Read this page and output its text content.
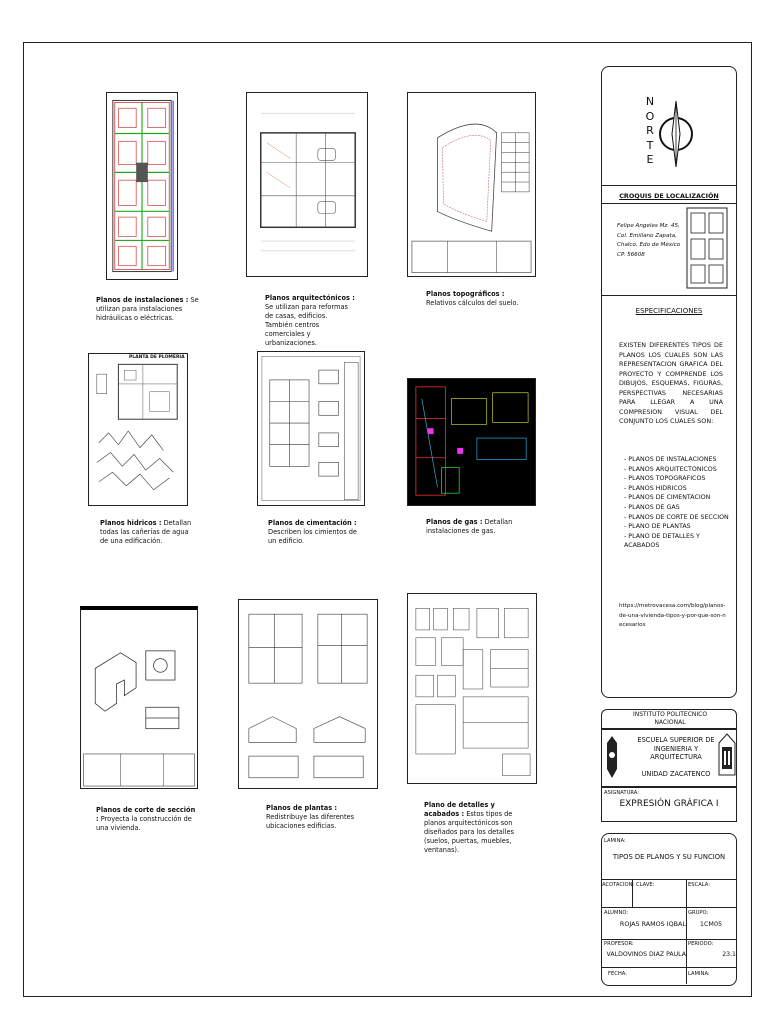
Planos de instalaciones : Se utilizan para instalaciones hidráulicas o eléctricas.
Planos arquitectónicos : Se utilizan para reformas de casas, edificios. También centros comerciales y urbanizaciones.
Planos topográficos : Relativos cálculos del suelo.
PLANTA DE PLOMERIA
Planos hidricos : Detallan todas las cañerías de agua de una edificación.
Planos de cimentación : Describen los cimientos de un edificio.
Planos de gas : Detallan instalaciones de gas.
Planos de corte de sección : Proyecta la construcción de una vivienda.
Planos de plantas : Redistribuye las diferentes ubicaciones edificias.
Plano de detalles y acabados : Estos tipos de planos arquitectónicos son diseñados para los detalles (suelos, puertas, muebles, ventanas).
N
O
R
T
E
CROQUIS DE LOCALIZACIÓN
Felipe Angeles Mz. 45,
Col. Emiliano Zapata,
Chalco, Edo de México
CP. 56608
ESPECIFICACIONES
EXISTEN DIFERENTES TIPOS DE PLANOS LOS CUALES SON LAS REPRESENTACION GRAFICA DEL PROYECTO Y COMPRENDE LOS DIBUJOS, ESQUEMAS, FIGURAS, PERSPECTIVAS NECESARIAS PARA LLEGAR A UNA COMPRESION VISUAL DEL CONJUNTO LOS CUALES SON:
- PLANOS DE INSTALACIONES
- PLANOS ARQUITECTONICOS
- PLANOS TOPOGRAFICOS
- PLANOS HIDRICOS
- PLANOS DE CIMENTACION
- PLANOS DE GAS
- PLANOS DE CORTE DE SECCION
- PLANO DE PLANTAS
- PLANO DE DETALLES Y ACABADOS
https://metrovacesa.com/blog/planos-de-una-vivienda-tipos-y-por-que-son-necesarios
INSTITUTO POLITECNICO NACIONAL
ESCUELA SUPERIOR DE INGENIERIA Y ARQUITECTURA
UNIDAD ZACATENCO
ASIGNATURA:
EXPRESIÓN GRÁFICA I
LAMINA:
TIPOS DE PLANOS Y SU FUNCION
ACOTACION: CLAVE:	ESCALA:
ALUMNO:
ROJAS RAMOS IQBAL
GRUPO:
1CM05
PROFESOR:
VALDOVINOS DIAZ PAULA
PERIODO:
23.1
FECHA:	LAMINA:
